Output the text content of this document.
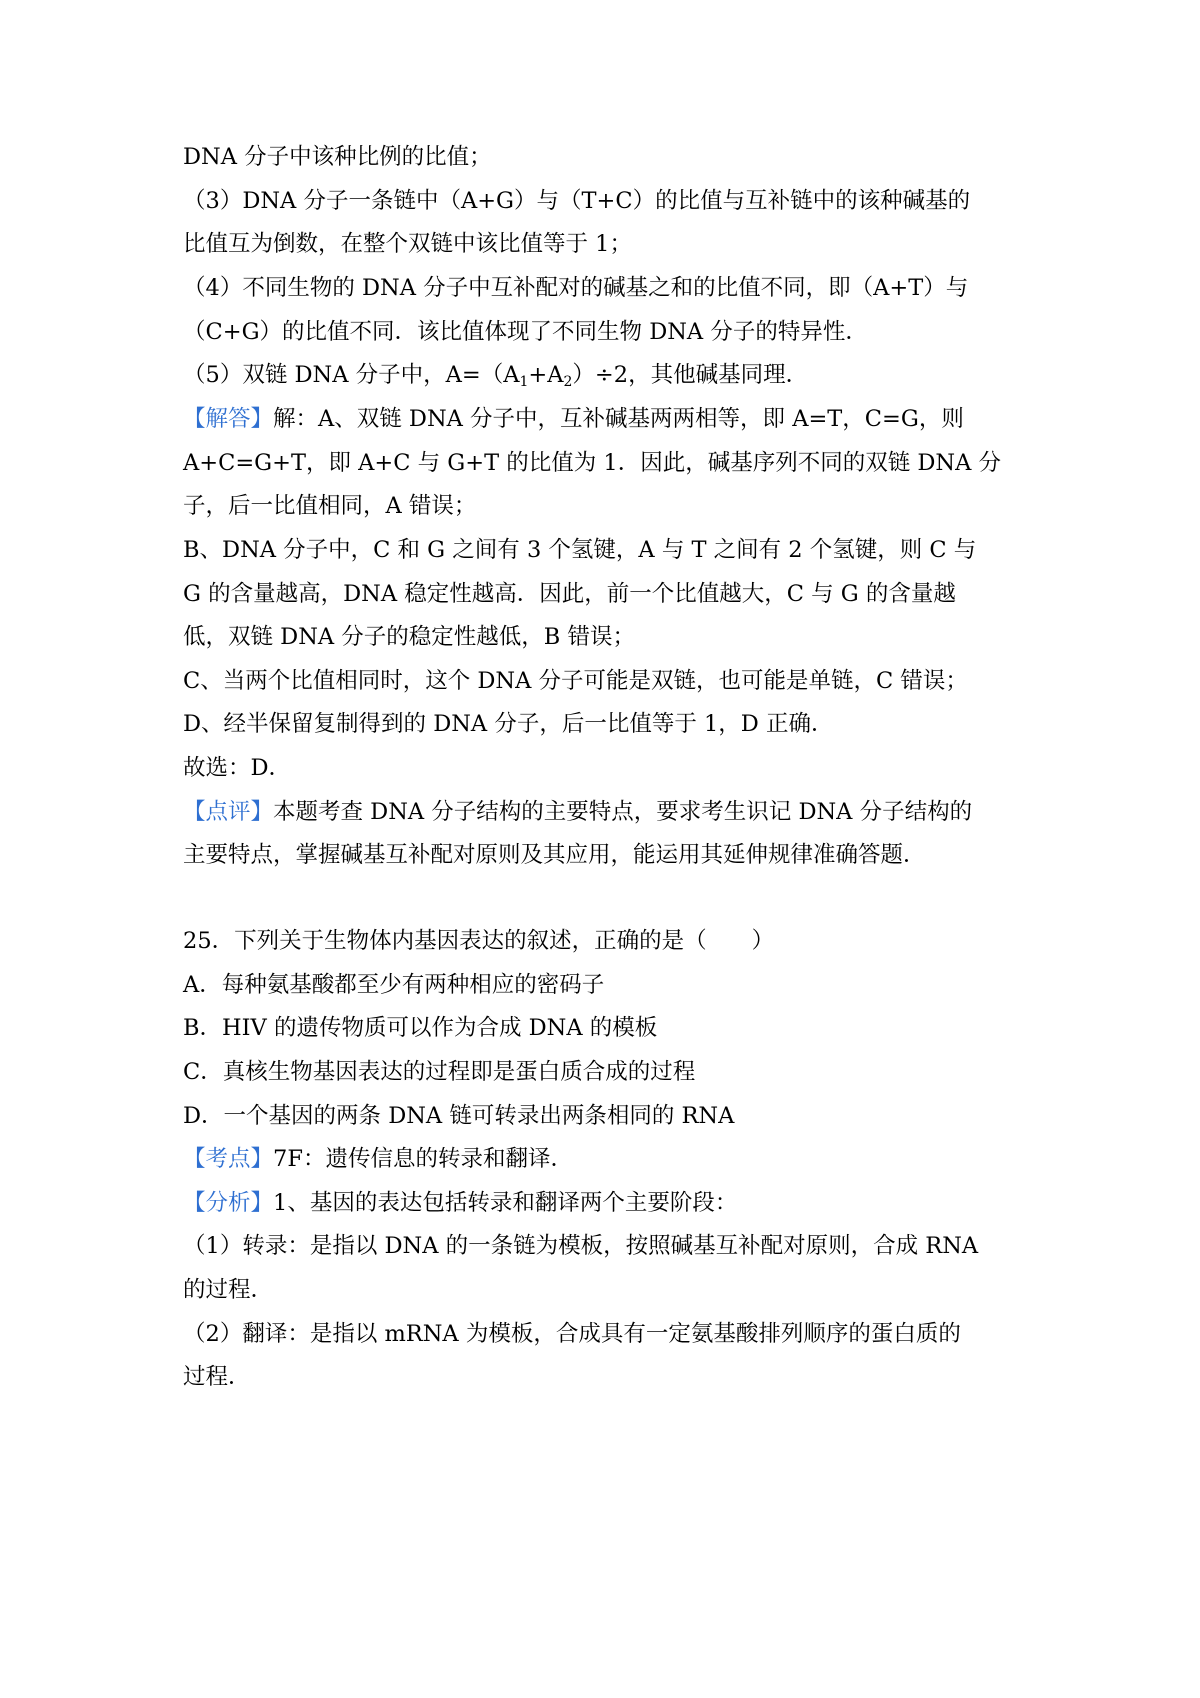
DNA 分子中该种比例的比值；
（3）DNA 分子一条链中（A+G）与（T+C）的比值与互补链中的该种碱基的
比值互为倒数，在整个双链中该比值等于 1；
（4）不同生物的 DNA 分子中互补配对的碱基之和的比值不同，即（A+T）与
（C+G）的比值不同．该比值体现了不同生物 DNA 分子的特异性．
（5）双链 DNA 分子中，$A=(A_1+A_2)\div 2$，其他碱基同理．
【解答】解：A、双链 DNA 分子中，互补碱基两两相等，即 A=T，C=G，则
A+C=G+T，即 A+C 与 G+T 的比值为 1．因此，碱基序列不同的双链 DNA 分
子，后一比值相同，A 错误；
B、DNA 分子中，C 和 G 之间有 3 个氢键，A 与 T 之间有 2 个氢键，则 C 与
G 的含量越高，DNA 稳定性越高．因此，前一个比值越大，C 与 G 的含量越
低，双链 DNA 分子的稳定性越低，B 错误；
C、当两个比值相同时，这个 DNA 分子可能是双链，也可能是单链，C 错误；
D、经半保留复制得到的 DNA 分子，后一比值等于 1，D 正确．
故选：D．
【点评】本题考查 DNA 分子结构的主要特点，要求考生识记 DNA 分子结构的
主要特点，掌握碱基互补配对原则及其应用，能运用其延伸规律准确答题．
25．下列关于生物体内基因表达的叙述，正确的是（　　）
A．每种氨基酸都至少有两种相应的密码子
B．HIV 的遗传物质可以作为合成 DNA 的模板
C．真核生物基因表达的过程即是蛋白质合成的过程
D．一个基因的两条 DNA 链可转录出两条相同的 RNA
【考点】7F：遗传信息的转录和翻译．
【分析】1、基因的表达包括转录和翻译两个主要阶段：
（1）转录：是指以 DNA 的一条链为模板，按照碱基互补配对原则，合成 RNA
的过程．
（2）翻译：是指以 mRNA 为模板，合成具有一定氨基酸排列顺序的蛋白质的
过程．
